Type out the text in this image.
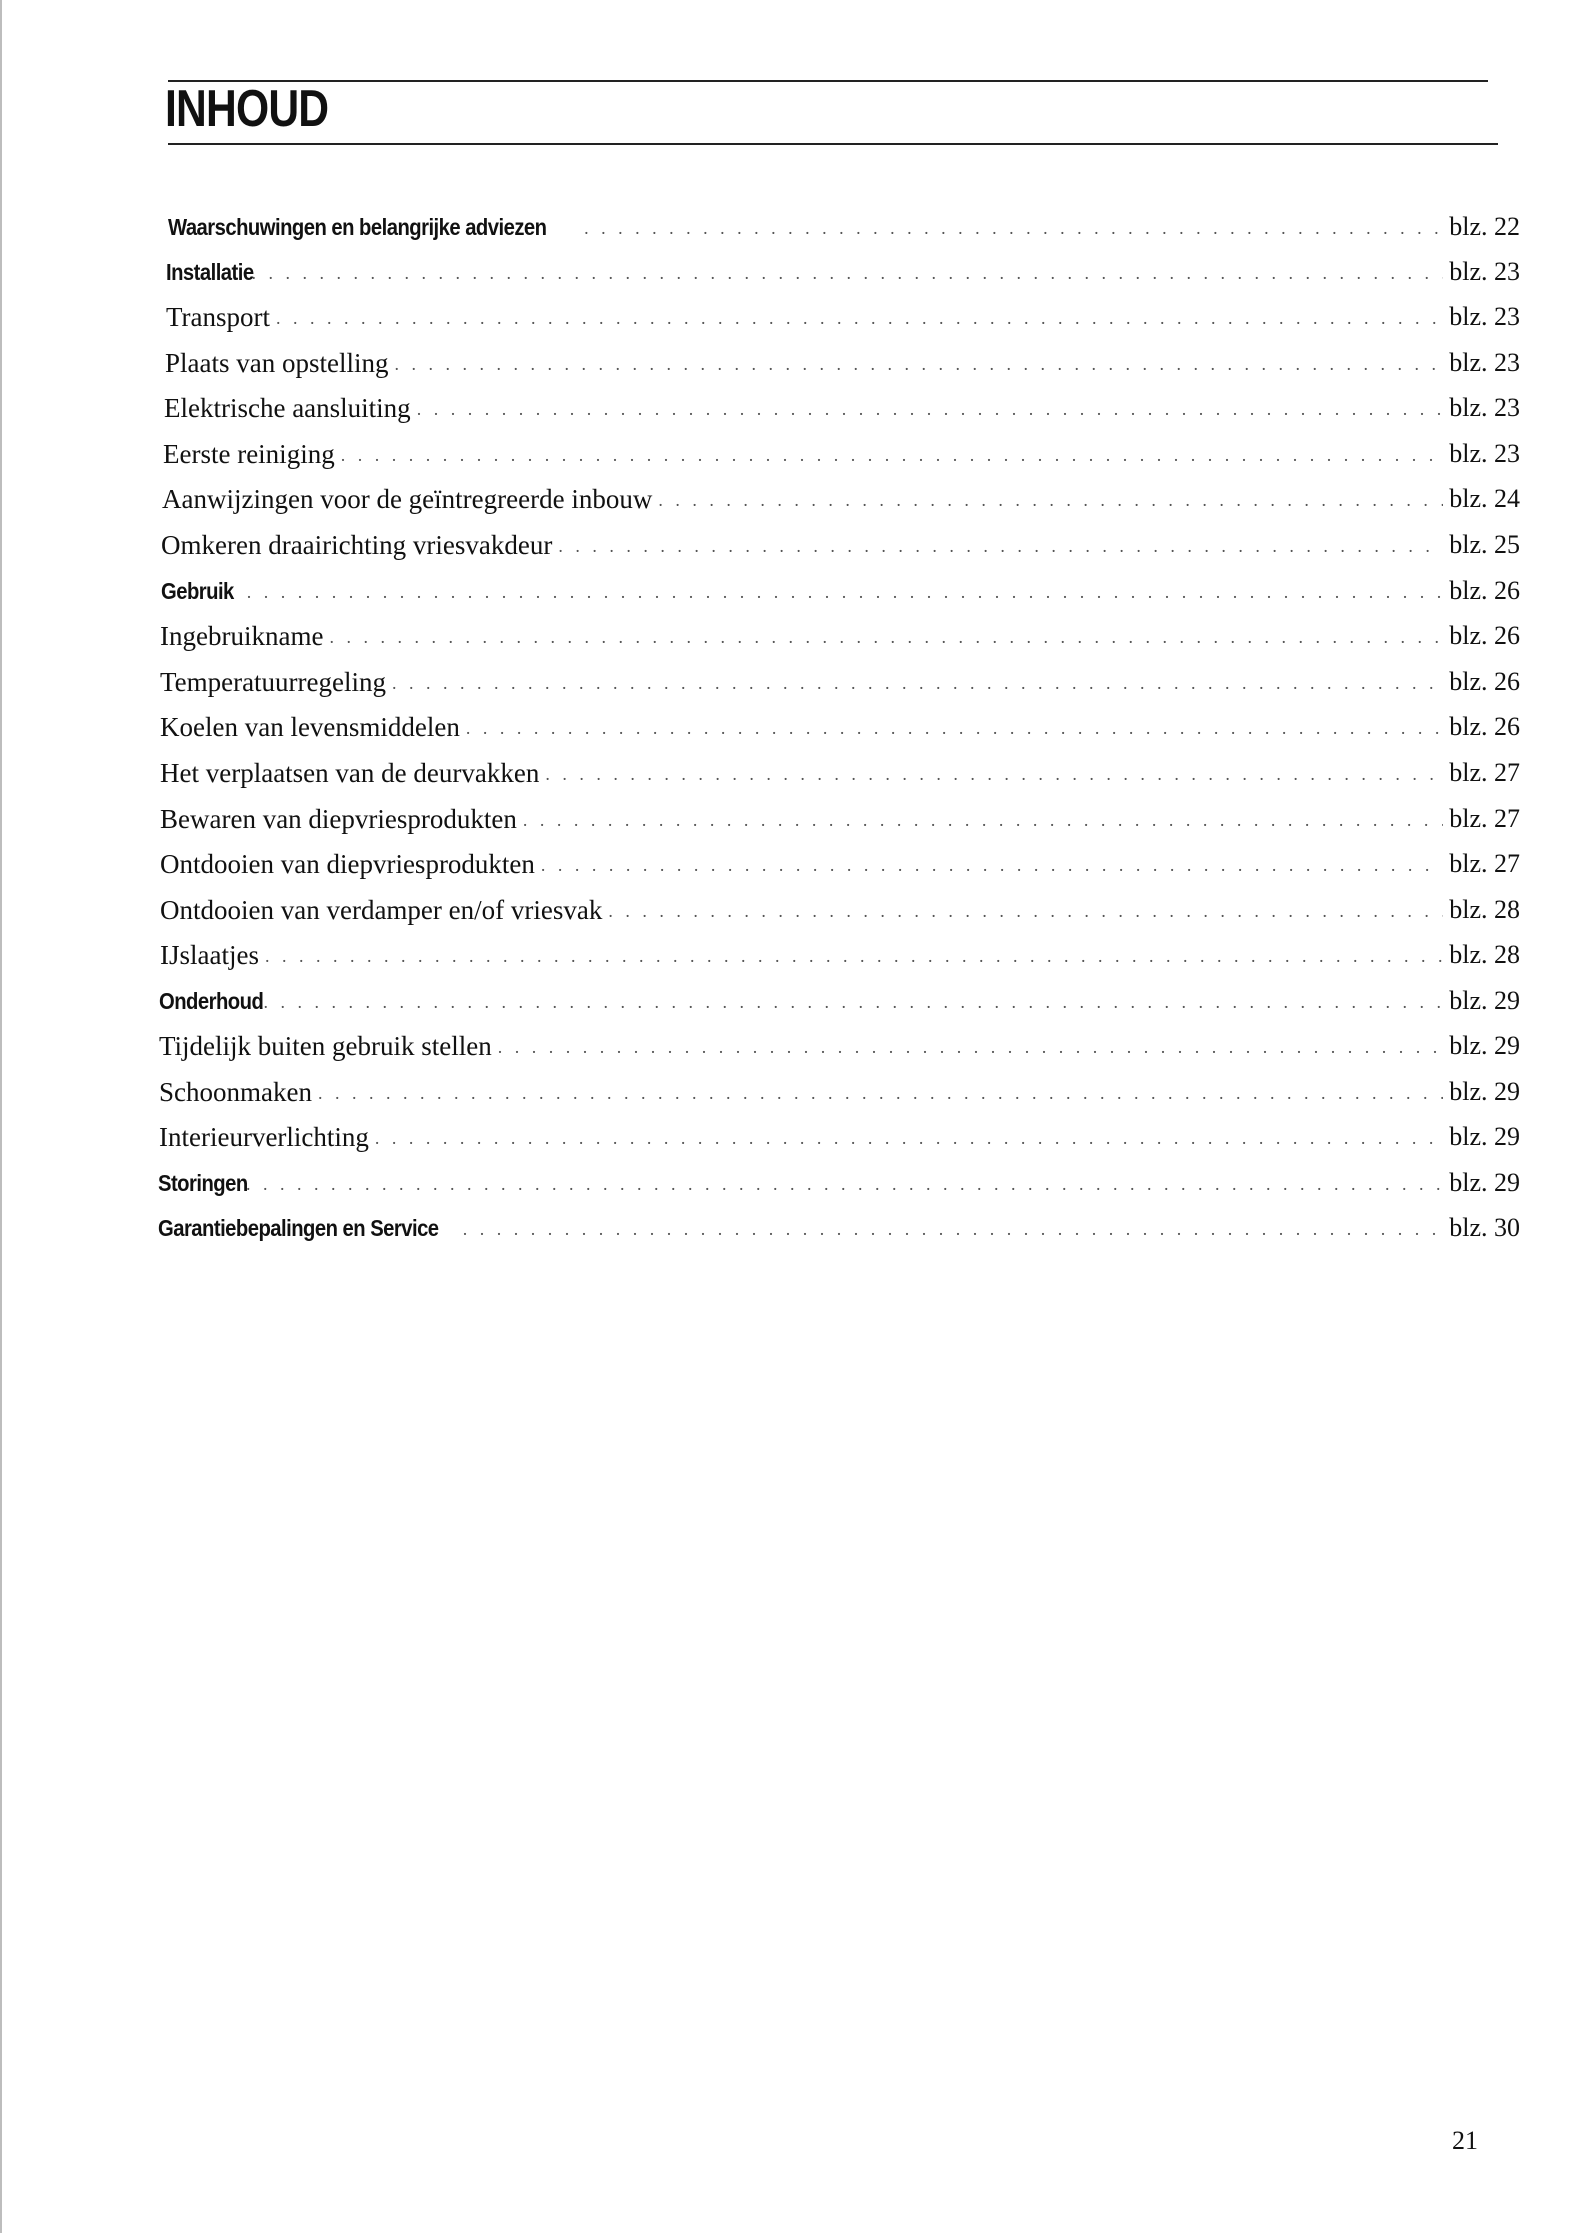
INHOUD
Waarschuwingen en belangrijke adviezen . . .	blz. 22
Installatie . . .	blz. 23
Transport . . .	blz. 23
Plaats van opstelling . . .	blz. 23
Elektrische aansluiting . . .	blz. 23
Eerste reiniging . . .	blz. 23
Aanwijzingen voor de geïntregreerde inbouw . . .	blz. 24
Omkeren draairichting vriesvakdeur . . .	blz. 25
Gebruik . . .	blz. 26
Ingebruikname . . .	blz. 26
Temperatuurregeling . . .	blz. 26
Koelen van levensmiddelen . . .	blz. 26
Het verplaatsen van de deurvakken . . .	blz. 27
Bewaren van diepvriesprodukten . . .	blz. 27
Ontdooien van diepvriesprodukten . . .	blz. 27
Ontdooien van verdamper en/of vriesvak . . .	blz. 28
IJslaatjes . . .	blz. 28
Onderhoud . . .	blz. 29
Tijdelijk buiten gebruik stellen . . .	blz. 29
Schoonmaken . . .	blz. 29
Interieurverlichting . . .	blz. 29
Storingen . . .	blz. 29
Garantiebepalingen en Service . . .	blz. 30
21
